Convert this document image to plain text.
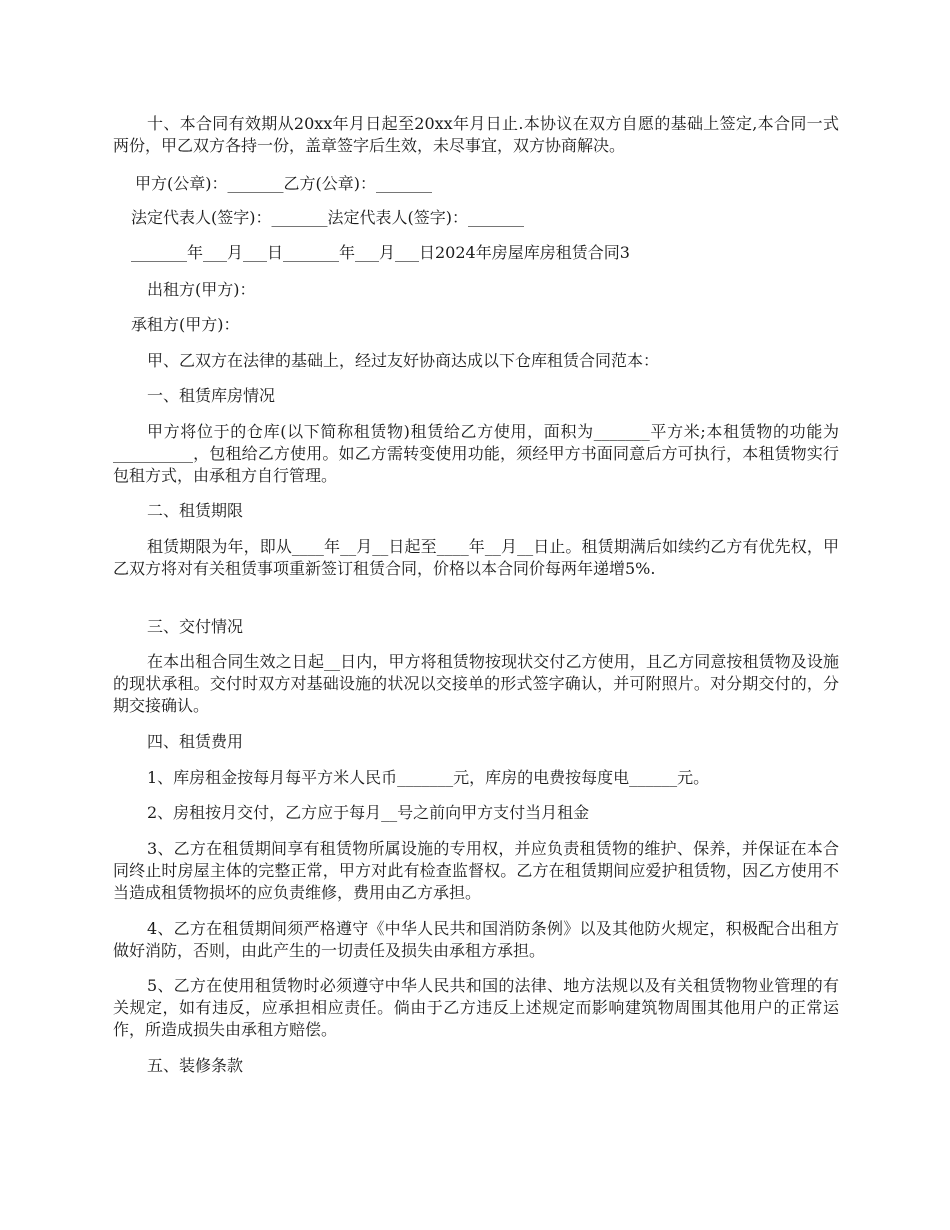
十、本合同有效期从20xx年月日起至20xx年月日止.本协议在双方自愿的基础上签定,本合同一式两份，甲乙双方各持一份，盖章签字后生效，未尽事宜，双方协商解决。

甲方(公章)：_______乙方(公章)：_______

法定代表人(签字)：_______法定代表人(签字)：_______

_______年___月___日_______年___月___日2024年房屋库房租赁合同3

出租方(甲方)：

承租方(甲方)：

甲、乙双方在法律的基础上，经过友好协商达成以下仓库租赁合同范本：

一、租赁库房情况

甲方将位于的仓库(以下简称租赁物)租赁给乙方使用，面积为_______平方米;本租赁物的功能为__________，包租给乙方使用。如乙方需转变使用功能，须经甲方书面同意后方可执行，本租赁物实行包租方式，由承租方自行管理。

二、租赁期限

租赁期限为年，即从____年__月__日起至____年__月__日止。租赁期满后如续约乙方有优先权，甲乙双方将对有关租赁事项重新签订租赁合同，价格以本合同价每两年递增5%.

三、交付情况

在本出租合同生效之日起__日内，甲方将租赁物按现状交付乙方使用，且乙方同意按租赁物及设施的现状承租。交付时双方对基础设施的状况以交接单的形式签字确认，并可附照片。对分期交付的，分期交接确认。

四、租赁费用

1、库房租金按每月每平方米人民币_______元，库房的电费按每度电______元。

2、房租按月交付，乙方应于每月__号之前向甲方支付当月租金

3、乙方在租赁期间享有租赁物所属设施的专用权，并应负责租赁物的维护、保养，并保证在本合同终止时房屋主体的完整正常，甲方对此有检查监督权。乙方在租赁期间应爱护租赁物，因乙方使用不当造成租赁物损坏的应负责维修，费用由乙方承担。

4、乙方在租赁期间须严格遵守《中华人民共和国消防条例》以及其他防火规定，积极配合出租方做好消防，否则，由此产生的一切责任及损失由承租方承担。

5、乙方在使用租赁物时必须遵守中华人民共和国的法律、地方法规以及有关租赁物物业管理的有关规定，如有违反，应承担相应责任。倘由于乙方违反上述规定而影响建筑物周围其他用户的正常运作，所造成损失由承租方赔偿。

五、装修条款
